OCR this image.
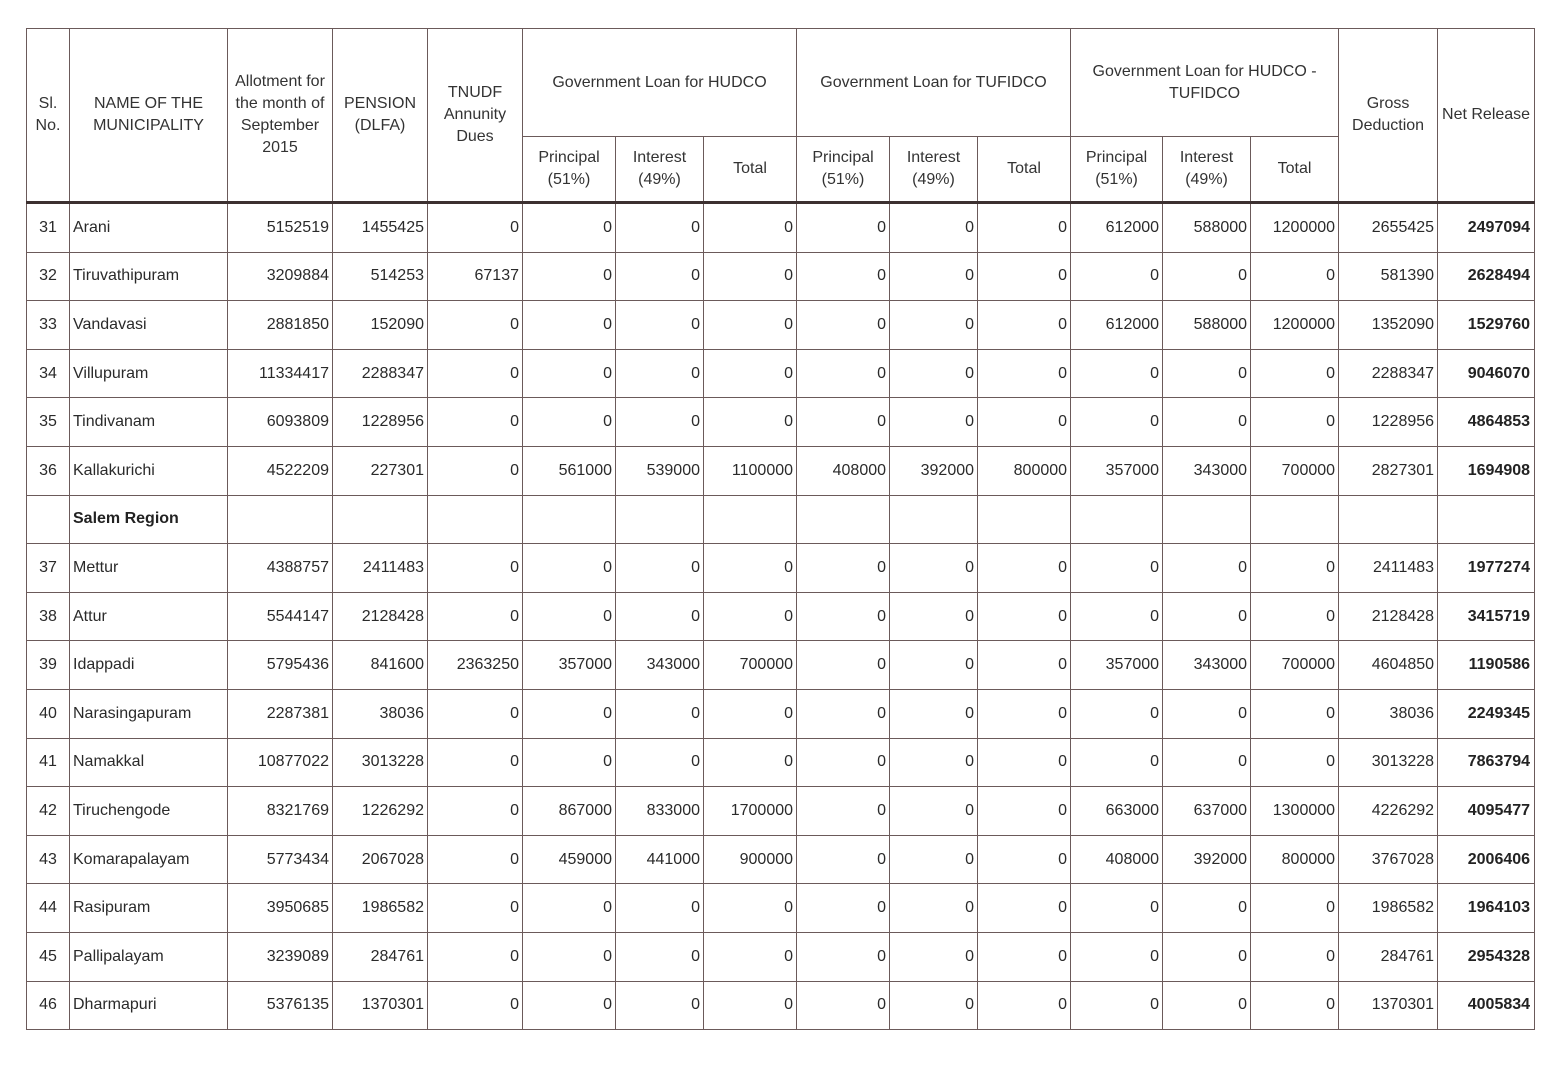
Sl. No.	NAME OF THE MUNICIPALITY	Allotment for the month of September 2015	PENSION (DLFA)	TNUDF Annunity Dues	Government Loan for HUDCO			Government Loan for TUFIDCO			Government Loan for HUDCO - TUFIDCO			Gross Deduction	Net Release
					Principal (51%)	Interest (49%)	Total	Principal (51%)	Interest (49%)	Total	Principal (51%)	Interest (49%)	Total		
31	Arani	5152519	1455425	0	0	0	0	0	0	0	612000	588000	1200000	2655425	2497094
32	Tiruvathipuram	3209884	514253	67137	0	0	0	0	0	0	0	0	0	581390	2628494
33	Vandavasi	2881850	152090	0	0	0	0	0	0	0	612000	588000	1200000	1352090	1529760
34	Villupuram	11334417	2288347	0	0	0	0	0	0	0	0	0	0	2288347	9046070
35	Tindivanam	6093809	1228956	0	0	0	0	0	0	0	0	0	0	1228956	4864853
36	Kallakurichi	4522209	227301	0	561000	539000	1100000	408000	392000	800000	357000	343000	700000	2827301	1694908
	Salem Region														
37	Mettur	4388757	2411483	0	0	0	0	0	0	0	0	0	0	2411483	1977274
38	Attur	5544147	2128428	0	0	0	0	0	0	0	0	0	0	2128428	3415719
39	Idappadi	5795436	841600	2363250	357000	343000	700000	0	0	0	357000	343000	700000	4604850	1190586
40	Narasingapuram	2287381	38036	0	0	0	0	0	0	0	0	0	0	38036	2249345
41	Namakkal	10877022	3013228	0	0	0	0	0	0	0	0	0	0	3013228	7863794
42	Tiruchengode	8321769	1226292	0	867000	833000	1700000	0	0	0	663000	637000	1300000	4226292	4095477
43	Komarapalayam	5773434	2067028	0	459000	441000	900000	0	0	0	408000	392000	800000	3767028	2006406
44	Rasipuram	3950685	1986582	0	0	0	0	0	0	0	0	0	0	1986582	1964103
45	Pallipalayam	3239089	284761	0	0	0	0	0	0	0	0	0	0	284761	2954328
46	Dharmapuri	5376135	1370301	0	0	0	0	0	0	0	0	0	0	1370301	4005834
